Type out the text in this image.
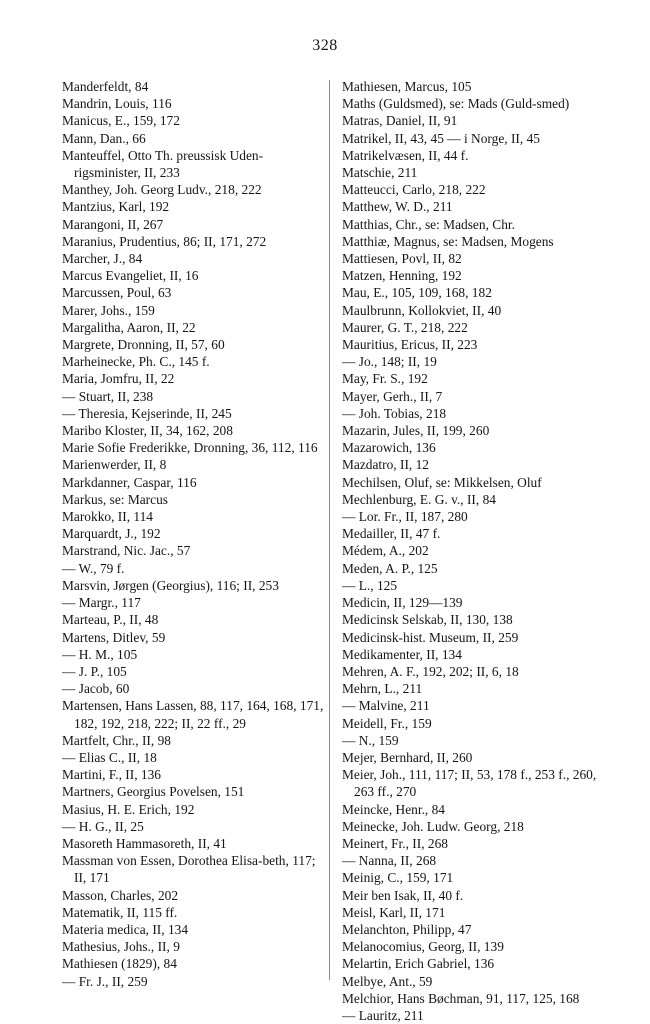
328
Manderfeldt, 84
Mandrin, Louis, 116
Manicus, E., 159, 172
Mann, Dan., 66
Manteuffel, Otto Th. preussisk Uden-rigsminister, II, 233
Manthey, Joh. Georg Ludv., 218, 222
Mantzius, Karl, 192
Marangoni, II, 267
Maranius, Prudentius, 86; II, 171, 272
Marcher, J., 84
Marcus Evangeliet, II, 16
Marcussen, Poul, 63
Marer, Johs., 159
Margalitha, Aaron, II, 22
Margrete, Dronning, II, 57, 60
Marheinecke, Ph. C., 145 f.
Maria, Jomfru, II, 22
— Stuart, II, 238
— Theresia, Kejserinde, II, 245
Maribo Kloster, II, 34, 162, 208
Marie Sofie Frederikke, Dronning, 36, 112, 116
Marienwerder, II, 8
Markdanner, Caspar, 116
Markus, se: Marcus
Marokko, II, 114
Marquardt, J., 192
Marstrand, Nic. Jac., 57
— W., 79 f.
Marsvin, Jørgen (Georgius), 116; II, 253
— Margr., 117
Marteau, P., II, 48
Martens, Ditlev, 59
— H. M., 105
— J. P., 105
— Jacob, 60
Martensen, Hans Lassen, 88, 117, 164, 168, 171, 182, 192, 218, 222; II, 22 ff., 29
Martfelt, Chr., II, 98
— Elias C., II, 18
Martini, F., II, 136
Martners, Georgius Povelsen, 151
Masius, H. E. Erich, 192
— H. G., II, 25
Masoreth Hammasoreth, II, 41
Massman von Essen, Dorothea Elisa-beth, 117; II, 171
Masson, Charles, 202
Matematik, II, 115 ff.
Materia medica, II, 134
Mathesius, Johs., II, 9
Mathiesen (1829), 84
— Fr. J., II, 259
Mathiesen, Marcus, 105
Maths (Guldsmed), se: Mads (Guld-smed)
Matras, Daniel, II, 91
Matrikel, II, 43, 45 — i Norge, II, 45
Matrikelvæsen, II, 44 f.
Matschie, 211
Matteucci, Carlo, 218, 222
Matthew, W. D., 211
Matthias, Chr., se: Madsen, Chr.
Matthiæ, Magnus, se: Madsen, Mogens
Mattiesen, Povl, II, 82
Matzen, Henning, 192
Mau, E., 105, 109, 168, 182
Maulbrunn, Kollokviet, II, 40
Maurer, G. T., 218, 222
Mauritius, Ericus, II, 223
— Jo., 148; II, 19
May, Fr. S., 192
Mayer, Gerh., II, 7
— Joh. Tobias, 218
Mazarin, Jules, II, 199, 260
Mazarowich, 136
Mazdatro, II, 12
Mechilsen, Oluf, se: Mikkelsen, Oluf
Mechlenburg, E. G. v., II, 84
— Lor. Fr., II, 187, 280
Medailler, II, 47 f.
Médem, A., 202
Meden, A. P., 125
— L., 125
Medicin, II, 129—139
Medicinsk Selskab, II, 130, 138
Medicinsk-hist. Museum, II, 259
Medikamenter, II, 134
Mehren, A. F., 192, 202; II, 6, 18
Mehrn, L., 211
— Malvine, 211
Meidell, Fr., 159
— N., 159
Mejer, Bernhard, II, 260
Meier, Joh., 111, 117; II, 53, 178 f., 253 f., 260, 263 ff., 270
Meincke, Henr., 84
Meinecke, Joh. Ludw. Georg, 218
Meinert, Fr., II, 268
— Nanna, II, 268
Meinig, C., 159, 171
Meir ben Isak, II, 40 f.
Meisl, Karl, II, 171
Melanchton, Philipp, 47
Melanocomius, Georg, II, 139
Melartin, Erich Gabriel, 136
Melbye, Ant., 59
Melchior, Hans Bøchman, 91, 117, 125, 168
— Lauritz, 211
